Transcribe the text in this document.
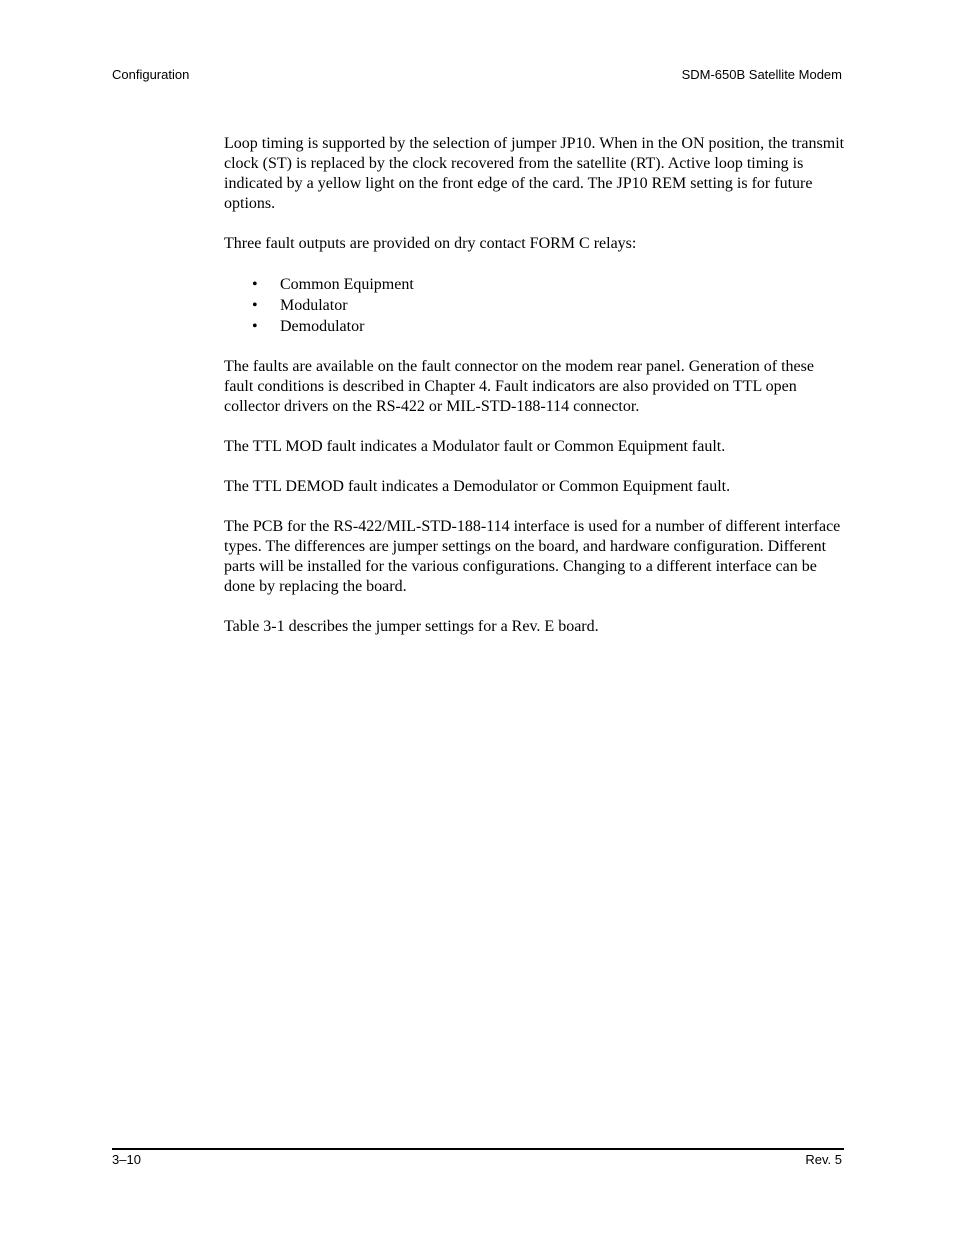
Configuration	SDM-650B Satellite Modem

Loop timing is supported by the selection of jumper JP10. When in the ON position, the transmit clock (ST) is replaced by the clock recovered from the satellite (RT). Active loop timing is indicated by a yellow light on the front edge of the card. The JP10 REM setting is for future options.

Three fault outputs are provided on dry contact FORM C relays:

• Common Equipment
• Modulator
• Demodulator

The faults are available on the fault connector on the modem rear panel. Generation of these fault conditions is described in Chapter 4. Fault indicators are also provided on TTL open collector drivers on the RS-422 or MIL-STD-188-114 connector.

The TTL MOD fault indicates a Modulator fault or Common Equipment fault.

The TTL DEMOD fault indicates a Demodulator or Common Equipment fault.

The PCB for the RS-422/MIL-STD-188-114 interface is used for a number of different interface types. The differences are jumper settings on the board, and hardware configuration. Different parts will be installed for the various configurations. Changing to a different interface can be done by replacing the board.

Table 3-1 describes the jumper settings for a Rev. E board.

3–10	Rev. 5
